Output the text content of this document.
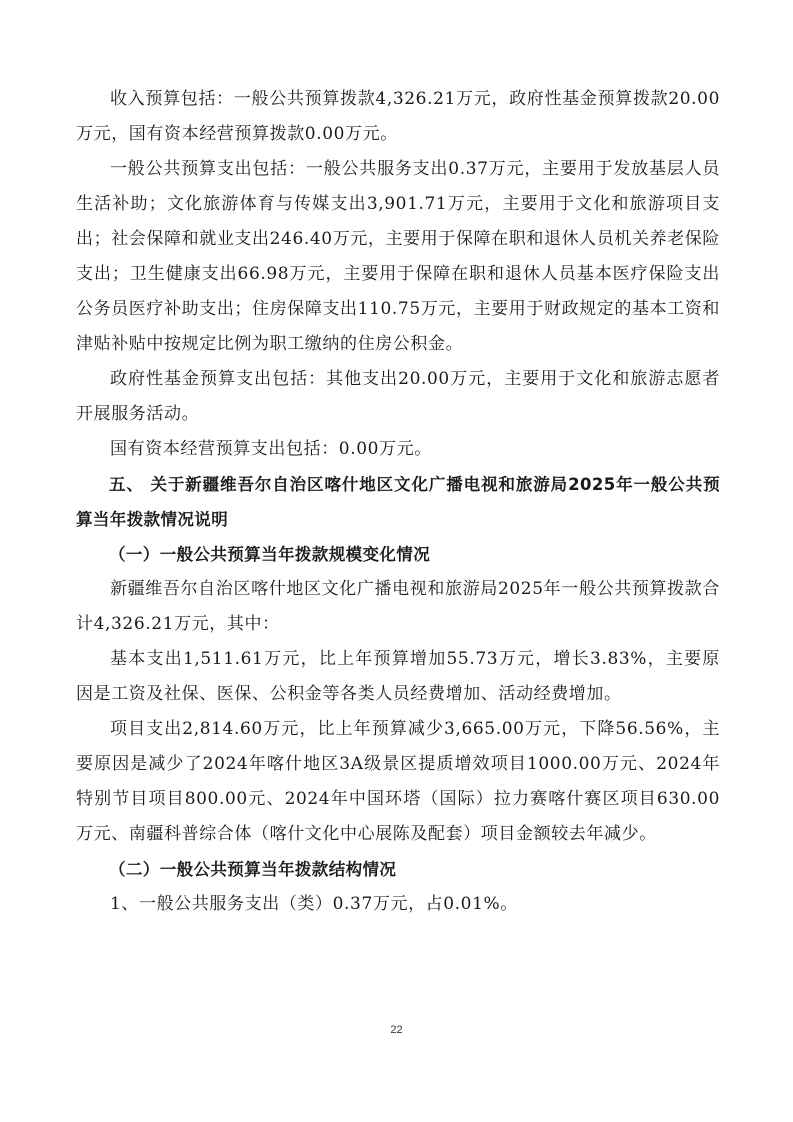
收入预算包括：一般公共预算拨款4,326.21万元，政府性基金预算拨款20.00万元，国有资本经营预算拨款0.00万元。

一般公共预算支出包括：一般公共服务支出0.37万元，主要用于发放基层人员生活补助；文化旅游体育与传媒支出3,901.71万元，主要用于文化和旅游项目支出；社会保障和就业支出246.40万元，主要用于保障在职和退休人员机关养老保险支出；卫生健康支出66.98万元，主要用于保障在职和退休人员基本医疗保险支出公务员医疗补助支出；住房保障支出110.75万元，主要用于财政规定的基本工资和津贴补贴中按规定比例为职工缴纳的住房公积金。

政府性基金预算支出包括：其他支出20.00万元，主要用于文化和旅游志愿者开展服务活动。

国有资本经营预算支出包括：0.00万元。

五、 关于新疆维吾尔自治区喀什地区文化广播电视和旅游局2025年一般公共预算当年拨款情况说明

（一）一般公共预算当年拨款规模变化情况

新疆维吾尔自治区喀什地区文化广播电视和旅游局2025年一般公共预算拨款合计4,326.21万元，其中：

基本支出1,511.61万元，比上年预算增加55.73万元，增长3.83%，主要原因是工资及社保、医保、公积金等各类人员经费增加、活动经费增加。

项目支出2,814.60万元，比上年预算减少3,665.00万元，下降56.56%，主要原因是减少了2024年喀什地区3A级景区提质增效项目1000.00万元、2024年特别节目项目800.00元、2024年中国环塔（国际）拉力赛喀什赛区项目630.00万元、南疆科普综合体（喀什文化中心展陈及配套）项目金额较去年减少。

（二）一般公共预算当年拨款结构情况

1、一般公共服务支出（类）0.37万元，占0.01%。

22
